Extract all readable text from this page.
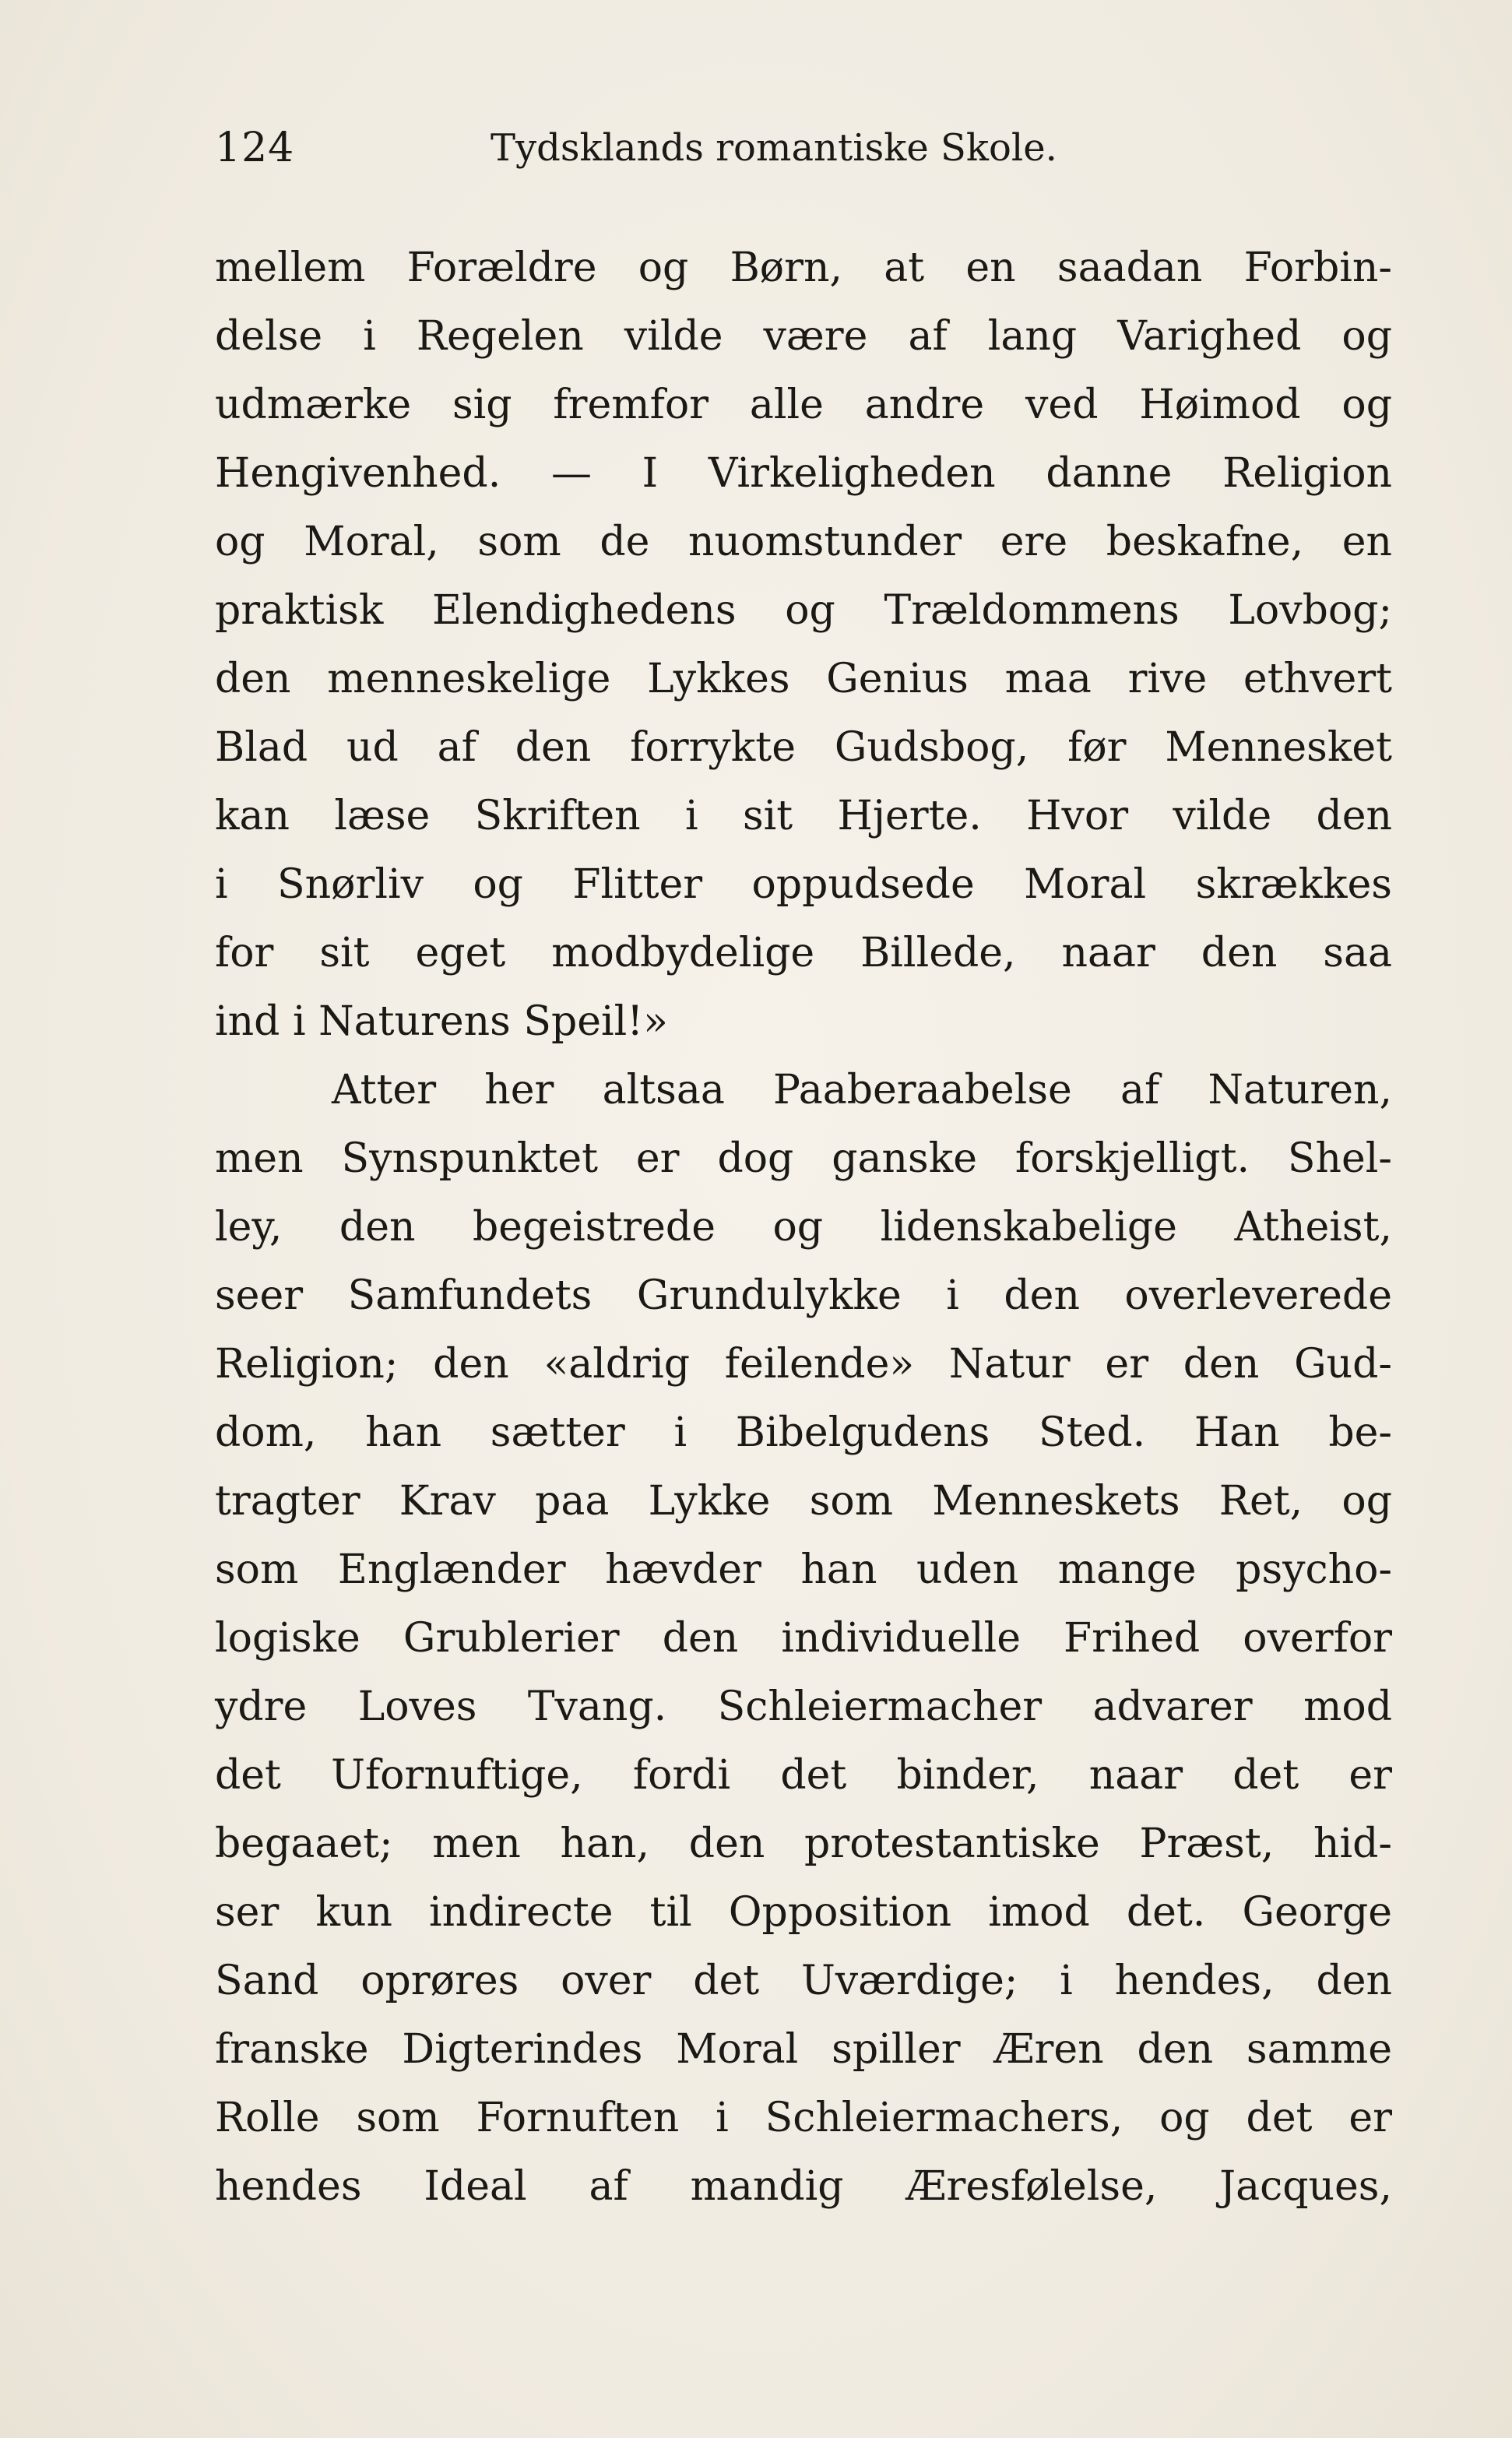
124	Tydsklands romantiske Skole.
mellem Forældre og Børn, at en saadan Forbin-
delse i Regelen vilde være af lang Varighed og
udmærke sig fremfor alle andre ved Høimod og
Hengivenhed. — I Virkeligheden danne Religion
og Moral, som de nuomstunder ere beskafne, en
praktisk Elendighedens og Trældommens Lovbog;
den menneskelige Lykkes Genius maa rive ethvert
Blad ud af den forrykte Gudsbog, før Mennesket
kan læse Skriften i sit Hjerte. Hvor vilde den
i Snørliv og Flitter oppudsede Moral skrækkes
for sit eget modbydelige Billede, naar den saa
ind i Naturens Speil!»
Atter her altsaa Paaberaabelse af Naturen,
men Synspunktet er dog ganske forskjelligt. Shel-
ley, den begeistrede og lidenskabelige Atheist,
seer Samfundets Grundulykke i den overleverede
Religion; den «aldrig feilende» Natur er den Gud-
dom, han sætter i Bibelgudens Sted. Han be-
tragter Krav paa Lykke som Menneskets Ret, og
som Englænder hævder han uden mange psycho-
logiske Grublerier den individuelle Frihed overfor
ydre Loves Tvang. Schleiermacher advarer mod
det Ufornuftige, fordi det binder, naar det er
begaaet; men han, den protestantiske Præst, hid-
ser kun indirecte til Opposition imod det. George
Sand oprøres over det Uværdige; i hendes, den
franske Digterindes Moral spiller Æren den samme
Rolle som Fornuften i Schleiermachers, og det er
hendes Ideal af mandig Æresfølelse, Jacques,
